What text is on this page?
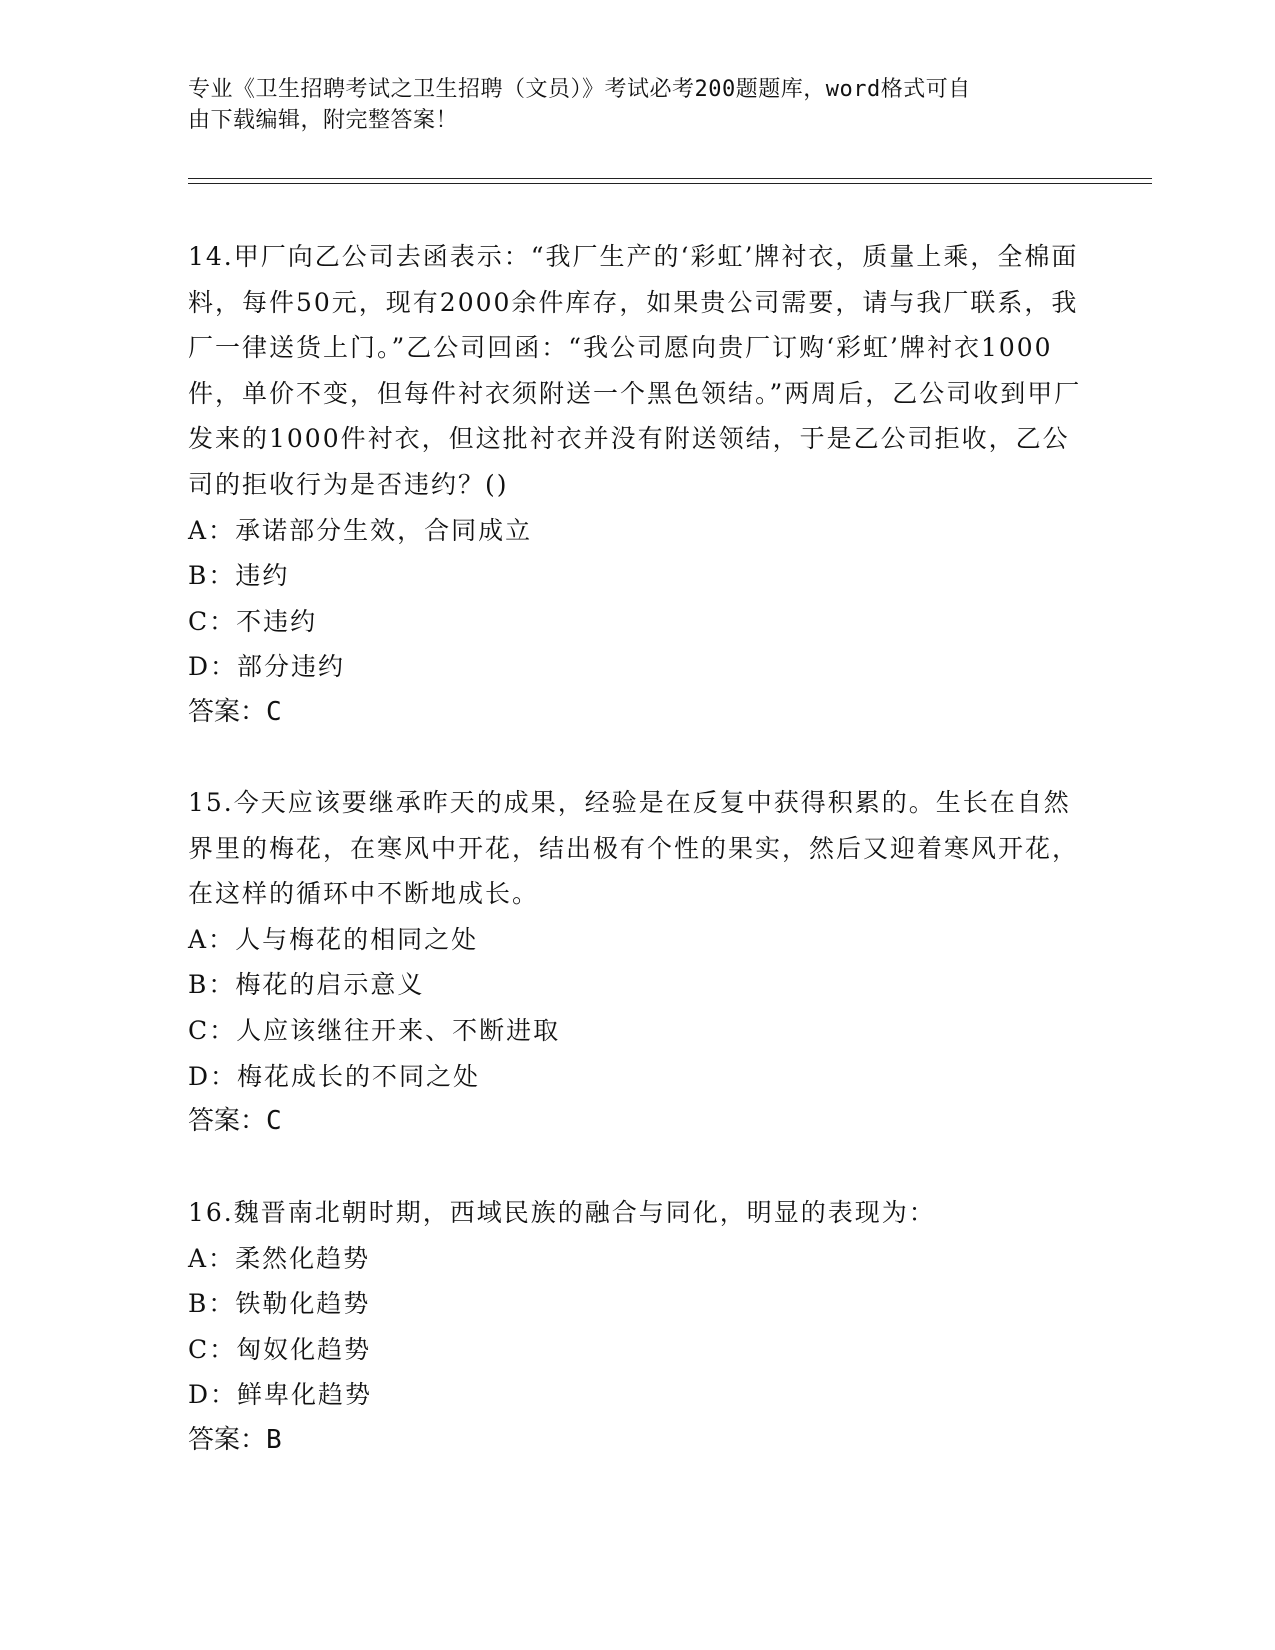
专业《卫生招聘考试之卫生招聘（文员）》考试必考200题题库，word格式可自
由下载编辑，附完整答案！

14.甲厂向乙公司去函表示：“我厂生产的‘彩虹’牌衬衣，质量上乘，全棉面料，每件50元，现有2000余件库存，如果贵公司需要，请与我厂联系，我厂一律送货上门。”乙公司回函：“我公司愿向贵厂订购‘彩虹’牌衬衣1000件，单价不变，但每件衬衣须附送一个黑色领结。”两周后，乙公司收到甲厂发来的1000件衬衣，但这批衬衣并没有附送领结，于是乙公司拒收，乙公司的拒收行为是否违约？()

A：承诺部分生效，合同成立

B：违约

C：不违约

D：部分违约

答案：C

15.今天应该要继承昨天的成果，经验是在反复中获得积累的。生长在自然界里的梅花，在寒风中开花，结出极有个性的果实，然后又迎着寒风开花，在这样的循环中不断地成长。

A：人与梅花的相同之处

B：梅花的启示意义

C：人应该继往开来、不断进取

D：梅花成长的不同之处

答案：C

16.魏晋南北朝时期，西域民族的融合与同化，明显的表现为：

A：柔然化趋势

B：铁勒化趋势

C：匈奴化趋势

D：鲜卑化趋势

答案：B
